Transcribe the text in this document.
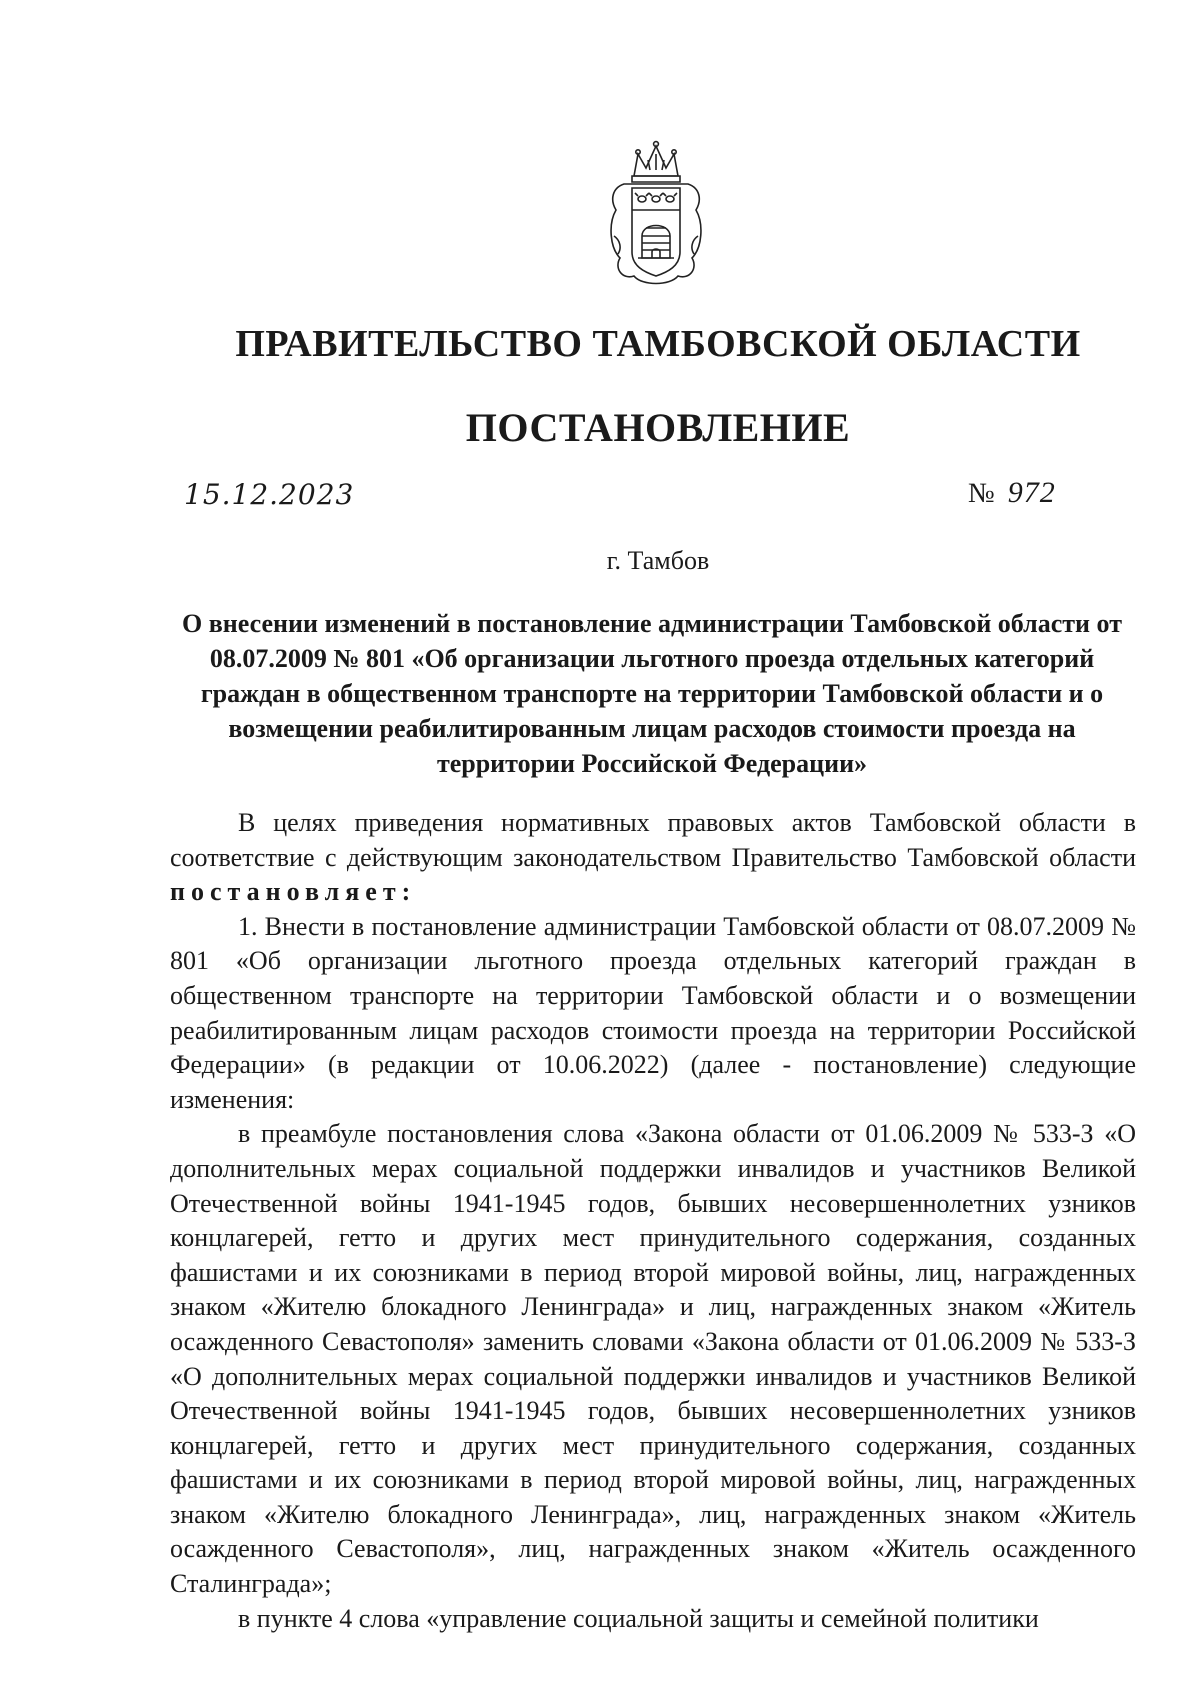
ПРАВИТЕЛЬСТВО ТАМБОВСКОЙ ОБЛАСТИ
ПОСТАНОВЛЕНИЕ
15.12.2023	№ 972
г. Тамбов
О внесении изменений в постановление администрации Тамбовской области от 08.07.2009 № 801 «Об организации льготного проезда отдельных категорий граждан в общественном транспорте на территории Тамбовской области и о возмещении реабилитированным лицам расходов стоимости проезда на территории Российской Федерации»

В целях приведения нормативных правовых актов Тамбовской области в соответствие с действующим законодательством Правительство Тамбовской области постановляет:

1. Внести в постановление администрации Тамбовской области от 08.07.2009 № 801 «Об организации льготного проезда отдельных категорий граждан в общественном транспорте на территории Тамбовской области и о возмещении реабилитированным лицам расходов стоимости проезда на территории Российской Федерации» (в редакции от 10.06.2022) (далее - постановление) следующие изменения:

в преамбуле постановления слова «Закона области от 01.06.2009 № 533-З «О дополнительных мерах социальной поддержки инвалидов и участников Великой Отечественной войны 1941-1945 годов, бывших несовершеннолетних узников концлагерей, гетто и других мест принудительного содержания, созданных фашистами и их союзниками в период второй мировой войны, лиц, награжденных знаком «Жителю блокадного Ленинграда» и лиц, награжденных знаком «Житель осажденного Севастополя» заменить словами «Закона области от 01.06.2009 № 533-З «О дополнительных мерах социальной поддержки инвалидов и участников Великой Отечественной войны 1941-1945 годов, бывших несовершеннолетних узников концлагерей, гетто и других мест принудительного содержания, созданных фашистами и их союзниками в период второй мировой войны, лиц, награжденных знаком «Жителю блокадного Ленинграда», лиц, награжденных знаком «Житель осажденного Севастополя», лиц, награжденных знаком «Житель осажденного Сталинграда»;

в пункте 4 слова «управление социальной защиты и семейной политики
